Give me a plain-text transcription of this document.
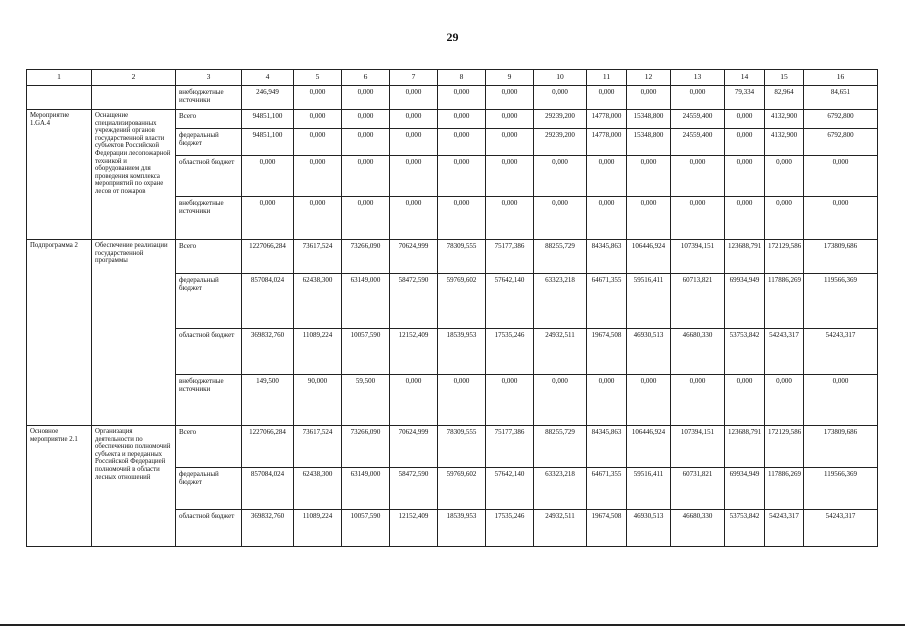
29
1	2	3	4	5	6	7	8	9	10	11	12	13	14	15	16
		внебюджетные источники	246,949	0,000	0,000	0,000	0,000	0,000	0,000	0,000	0,000	0,000	79,334	82,964	84,651
Мероприятие 1.GA.4	Оснащение специализированных учреждений органов государственной власти субъектов Российской Федерации лесопожарной техникой и оборудованием для проведения комплекса мероприятий по охране лесов от пожаров	Всего	94851,100	0,000	0,000	0,000	0,000	0,000	29239,200	14778,000	15348,800	24559,400	0,000	4132,900	6792,800
		федеральный бюджет	94851,100	0,000	0,000	0,000	0,000	0,000	29239,200	14778,000	15348,800	24559,400	0,000	4132,900	6792,800
		областной бюджет	0,000	0,000	0,000	0,000	0,000	0,000	0,000	0,000	0,000	0,000	0,000	0,000	0,000
		внебюджетные источники	0,000	0,000	0,000	0,000	0,000	0,000	0,000	0,000	0,000	0,000	0,000	0,000	0,000
Подпрограмма 2	Обеспечение реализации государственной программы	Всего	1227066,284	73617,524	73266,090	70624,999	78309,555	75177,386	88255,729	84345,863	106446,924	107394,151	123688,791	172129,586	173809,686
		федеральный бюджет	857084,024	62438,300	63149,000	58472,590	59769,602	57642,140	63323,218	64671,355	59516,411	60713,821	69934,949	117886,269	119566,369
		областной бюджет	369832,760	11089,224	10057,590	12152,409	18539,953	17535,246	24932,511	19674,508	46930,513	46680,330	53753,842	54243,317	54243,317
		внебюджетные источники	149,500	90,000	59,500	0,000	0,000	0,000	0,000	0,000	0,000	0,000	0,000	0,000	0,000
Основное мероприятие 2.1	Организация деятельности по обеспечению полномочий субъекта и переданных Российской Федерацией полномочий в области лесных отношений	Всего	1227066,284	73617,524	73266,090	70624,999	78309,555	75177,386	88255,729	84345,863	106446,924	107394,151	123688,791	172129,586	173809,686
		федеральный бюджет	857084,024	62438,300	63149,000	58472,590	59769,602	57642,140	63323,218	64671,355	59516,411	60731,821	69934,949	117886,269	119566,369
		областной бюджет	369832,760	11089,224	10057,590	12152,409	18539,953	17535,246	24932,511	19674,508	46930,513	46680,330	53753,842	54243,317	54243,317
